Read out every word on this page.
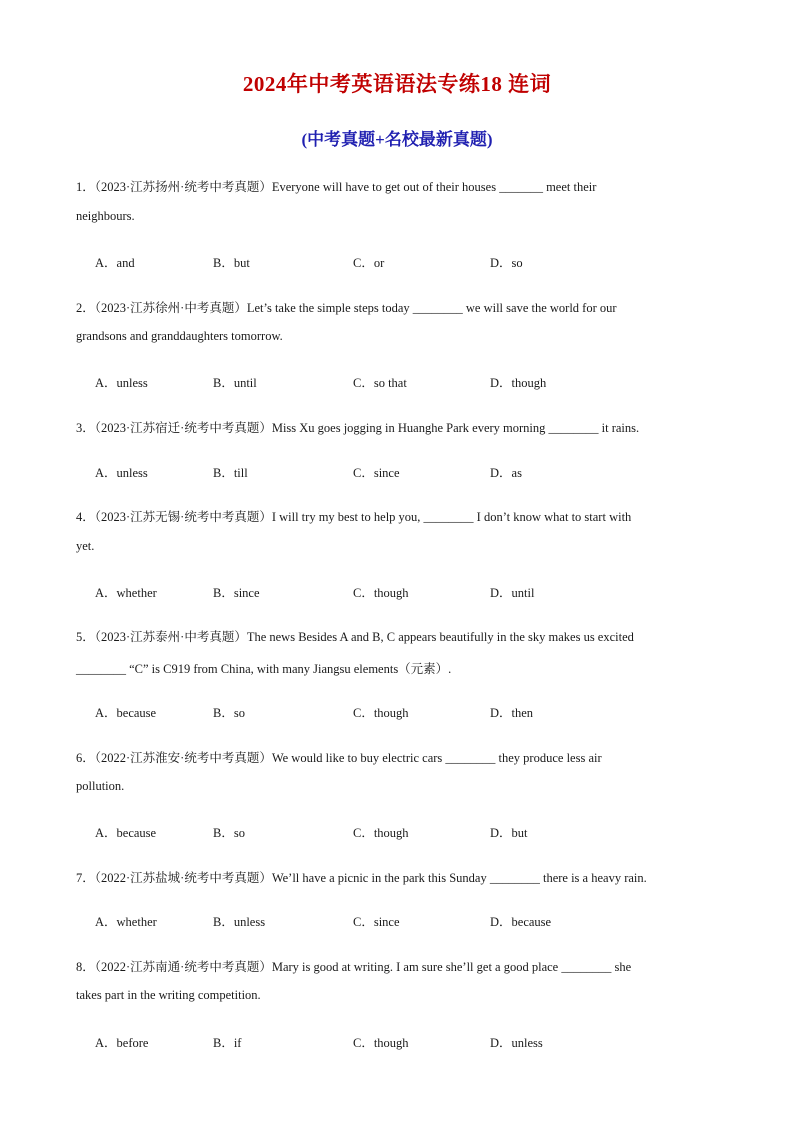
2024年中考英语语法专练18 连词
(中考真题+名校最新真题)
1．（2023·江苏扬州·统考中考真题）Everyone will have to get out of their houses _______ meet their
neighbours.
A．and	B．but	C．or	D．so
2．（2023·江苏徐州·中考真题）Let’s take the simple steps today ________ we will save the world for our
grandsons and granddaughters tomorrow.
A．unless	B．until	C．so that	D．though
3．（2023·江苏宿迁·统考中考真题）Miss Xu goes jogging in Huanghe Park every morning ________ it rains.
A．unless	B．till	C．since	D．as
4．（2023·江苏无锡·统考中考真题）I will try my best to help you, ________ I don’t know what to start with
yet.
A．whether	B．since	C．though	D．until
5．（2023·江苏泰州·中考真题）The news Besides A and B, C appears beautifully in the sky makes us excited
________ “C” is C919 from China, with many Jiangsu elements（元素）.
A．because	B．so	C．though	D．then
6．（2022·江苏淮安·统考中考真题）We would like to buy electric cars ________ they produce less air
pollution.
A．because	B．so	C．though	D．but
7．（2022·江苏盐城·统考中考真题）We’ll have a picnic in the park this Sunday ________ there is a heavy rain.
A．whether	B．unless	C．since	D．because
8．（2022·江苏南通·统考中考真题）Mary is good at writing. I am sure she’ll get a good place ________ she
takes part in the writing competition.
A．before	B．if	C．though	D．unless
